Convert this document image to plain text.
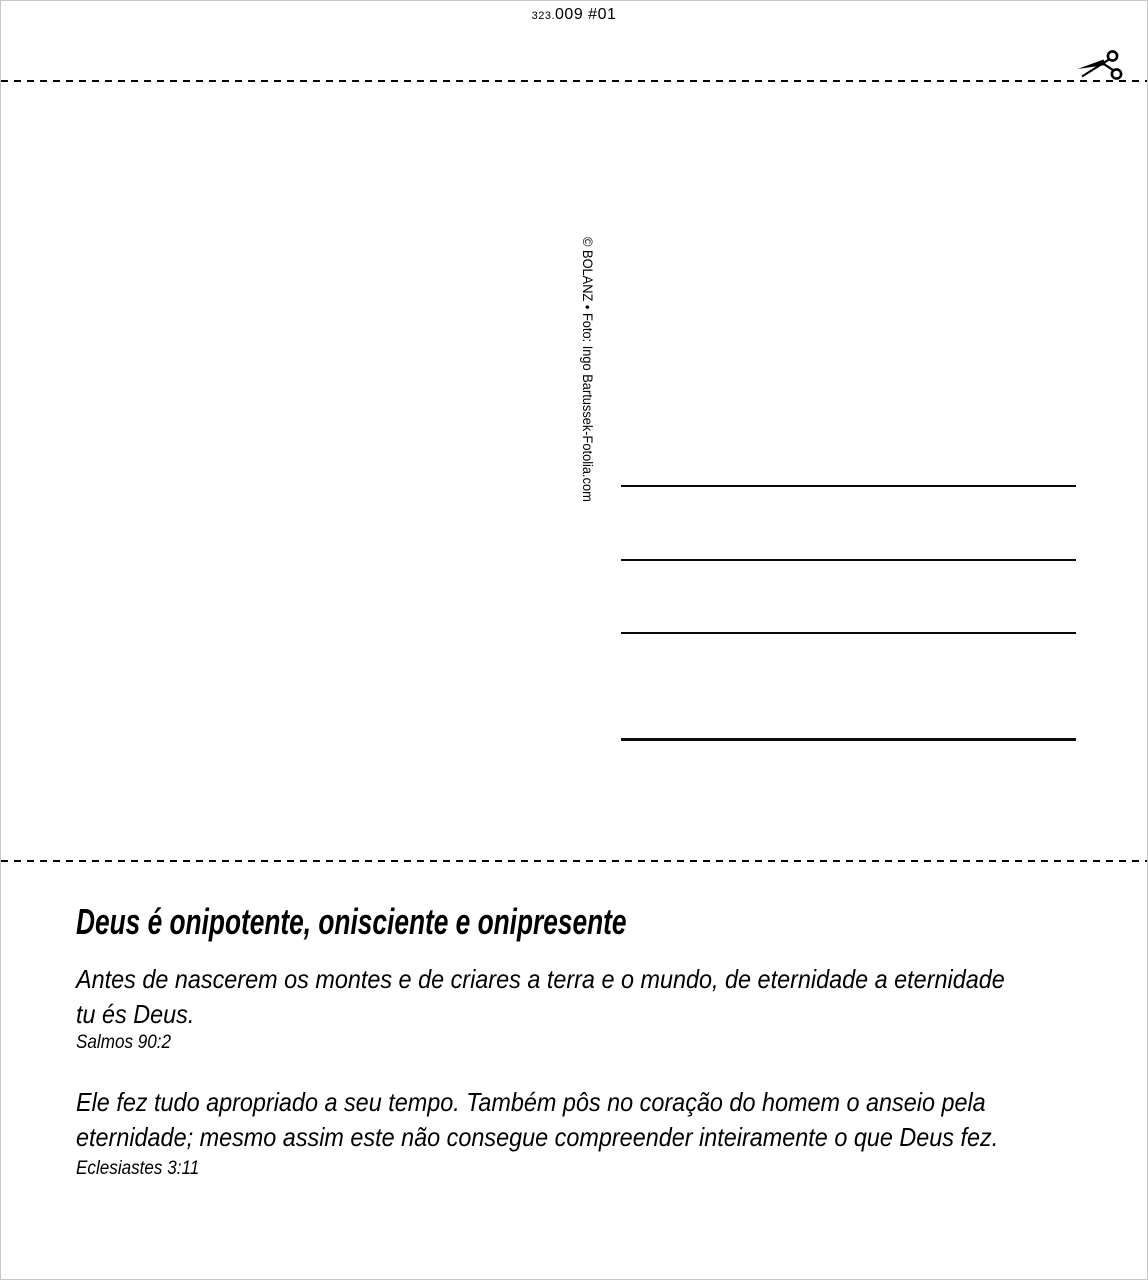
323. 009 #01
© BOLANZ • Foto: Ingo Bartussek-Fotolia.com
Deus é onipotente, onisciente e onipresente
Antes de nascerem os montes e de criares a terra e o mundo, de eternidade a eternidade
tu és Deus.
Salmos 90:2
Ele fez tudo apropriado a seu tempo. Também pôs no coração do homem o anseio pela
eternidade; mesmo assim este não consegue compreender inteiramente o que Deus fez.
Eclesiastes 3:11
